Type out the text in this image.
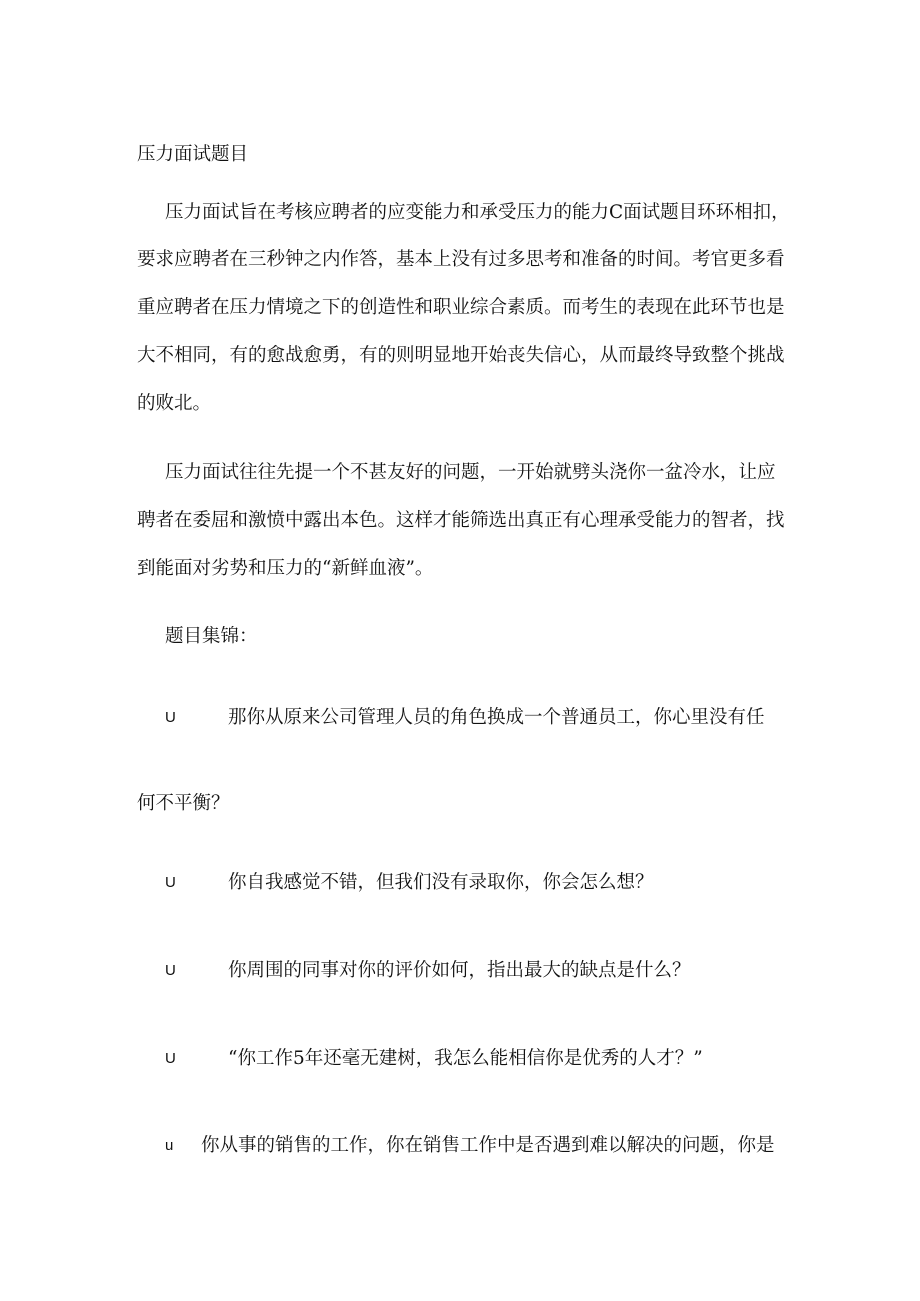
压力面试题目
压力面试旨在考核应聘者的应变能力和承受压力的能力C面试题目环环相扣，
要求应聘者在三秒钟之内作答，基本上没有过多思考和准备的时间。考官更多看
重应聘者在压力情境之下的创造性和职业综合素质。而考生的表现在此环节也是
大不相同，有的愈战愈勇，有的则明显地开始丧失信心，从而最终导致整个挑战
的败北。
压力面试往往先提一个不甚友好的问题，一开始就劈头浇你一盆冷水，让应
聘者在委屈和激愤中露出本色。这样才能筛选出真正有心理承受能力的智者，找
到能面对劣势和压力的“新鲜血液”。
题目集锦：
U	那你从原来公司管理人员的角色换成一个普通员工，你心里没有任
何不平衡？
U	你自我感觉不错，但我们没有录取你，你会怎么想？
U	你周围的同事对你的评价如何，指出最大的缺点是什么？
U	“你工作5年还毫无建树，我怎么能相信你是优秀的人才？”
u 你从事的销售的工作，你在销售工作中是否遇到难以解决的问题，你是
